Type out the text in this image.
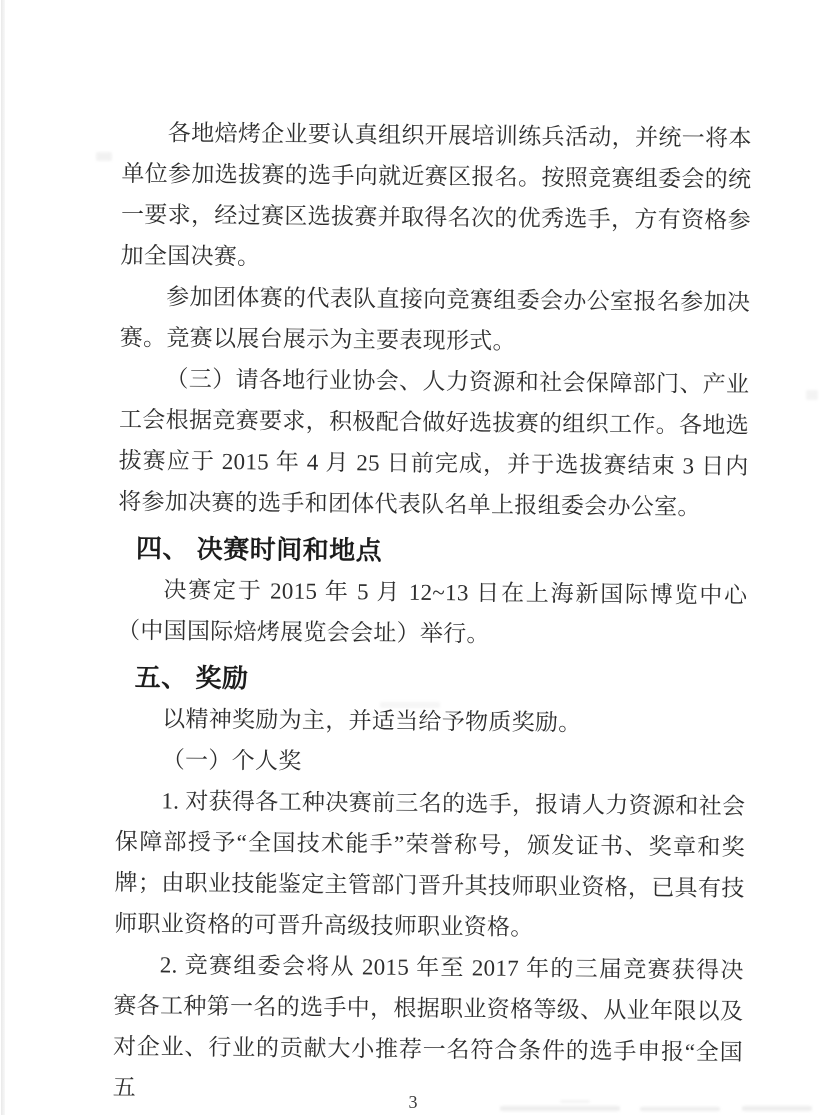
各地焙烤企业要认真组织开展培训练兵活动，并统一将本单位参加选拔赛的选手向就近赛区报名。按照竞赛组委会的统一要求，经过赛区选拔赛并取得名次的优秀选手，方有资格参加全国决赛。
参加团体赛的代表队直接向竞赛组委会办公室报名参加决赛。竞赛以展台展示为主要表现形式。
（三）请各地行业协会、人力资源和社会保障部门、产业工会根据竞赛要求，积极配合做好选拔赛的组织工作。各地选拔赛应于 2015 年 4 月 25 日前完成，并于选拔赛结束 3 日内将参加决赛的选手和团体代表队名单上报组委会办公室。
四、 决赛时间和地点
决赛定于 2015 年 5 月 12~13 日在上海新国际博览中心（中国国际焙烤展览会会址）举行。
五、 奖励
以精神奖励为主，并适当给予物质奖励。
（一）个人奖
1. 对获得各工种决赛前三名的选手，报请人力资源和社会保障部授予“全国技术能手”荣誉称号，颁发证书、奖章和奖牌；由职业技能鉴定主管部门晋升其技师职业资格，已具有技师职业资格的可晋升高级技师职业资格。
2. 竞赛组委会将从 2015 年至 2017 年的三届竞赛获得决赛各工种第一名的选手中，根据职业资格等级、从业年限以及对企业、行业的贡献大小推荐一名符合条件的选手申报“全国五
3
